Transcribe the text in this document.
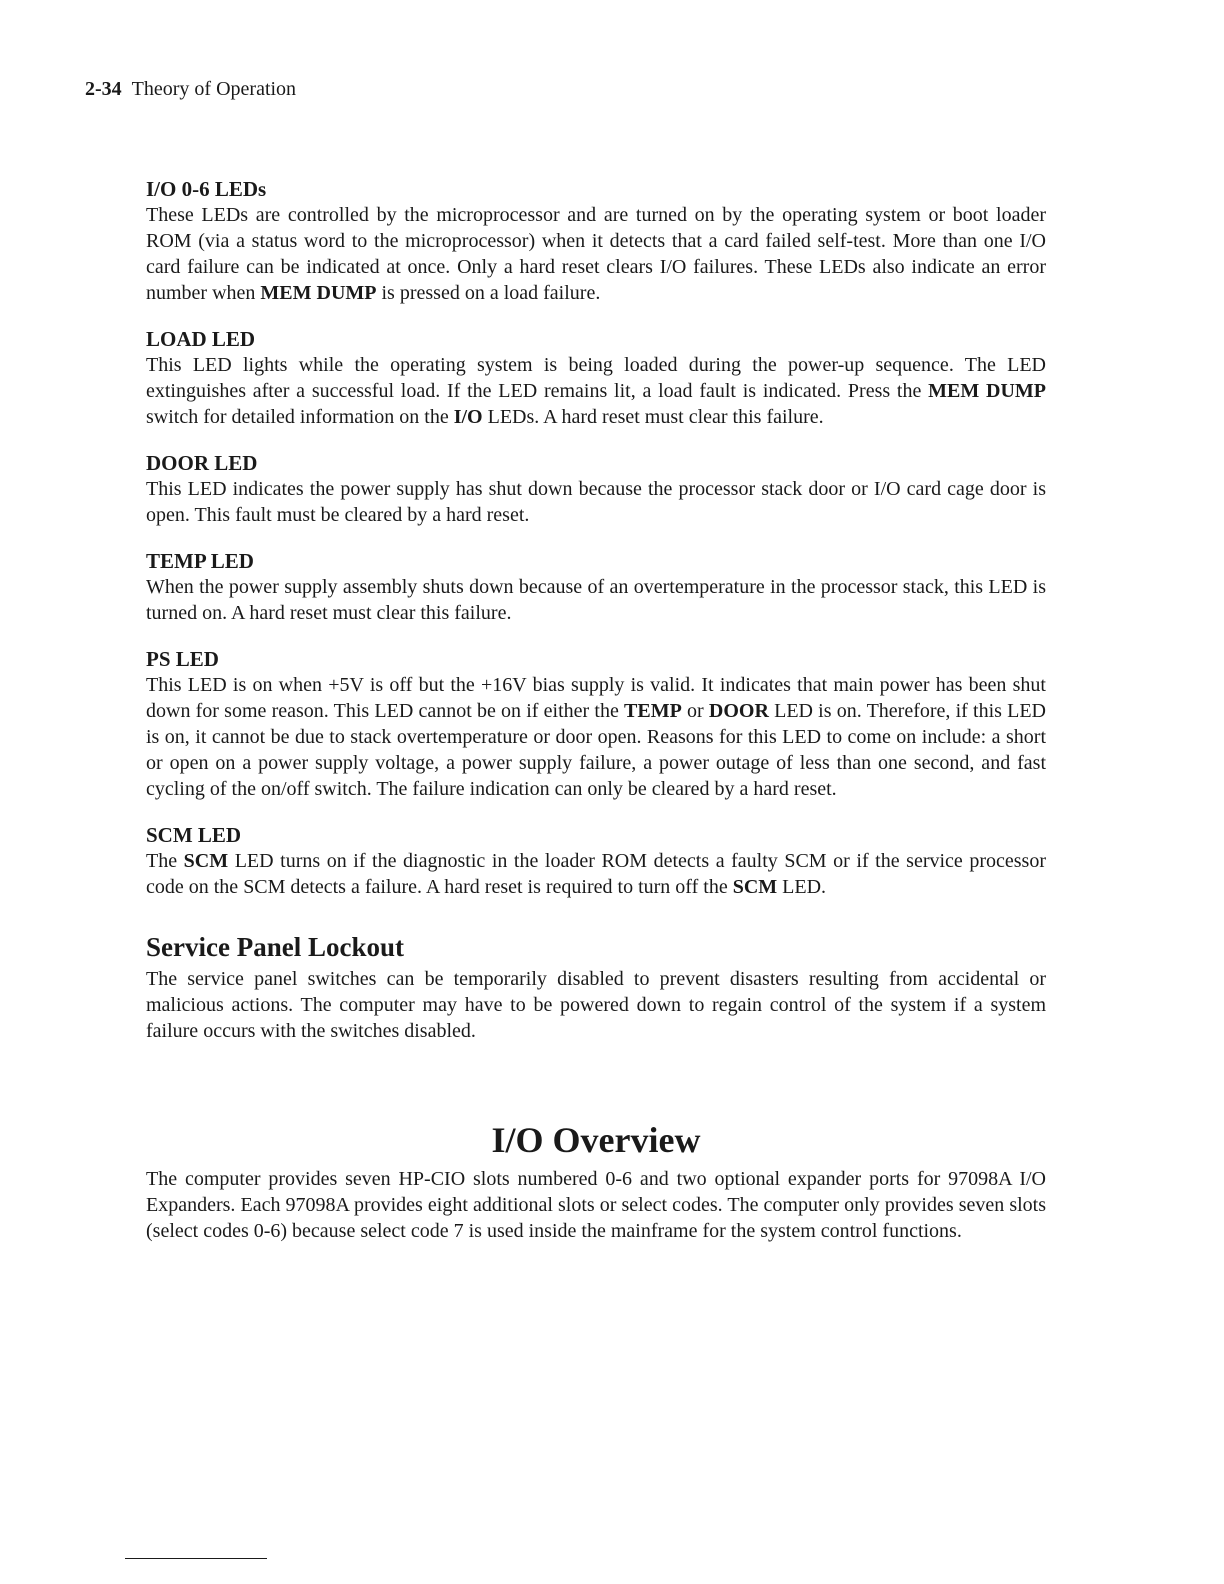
2-34 Theory of Operation
I/O 0-6 LEDs

These LEDs are controlled by the microprocessor and are turned on by the operating system or boot loader ROM (via a status word to the microprocessor) when it detects that a card failed self-test. More than one I/O card failure can be indicated at once. Only a hard reset clears I/O failures. These LEDs also indicate an error number when MEM DUMP is pressed on a load failure.

LOAD LED

This LED lights while the operating system is being loaded during the power-up sequence. The LED extinguishes after a successful load. If the LED remains lit, a load fault is indicated. Press the MEM DUMP switch for detailed information on the I/O LEDs. A hard reset must clear this failure.

DOOR LED

This LED indicates the power supply has shut down because the processor stack door or I/O card cage door is open. This fault must be cleared by a hard reset.

TEMP LED

When the power supply assembly shuts down because of an overtemperature in the processor stack, this LED is turned on. A hard reset must clear this failure.

PS LED

This LED is on when +5V is off but the +16V bias supply is valid. It indicates that main power has been shut down for some reason. This LED cannot be on if either the TEMP or DOOR LED is on. Therefore, if this LED is on, it cannot be due to stack overtemperature or door open. Reasons for this LED to come on include: a short or open on a power supply voltage, a power supply failure, a power outage of less than one second, and fast cycling of the on/off switch. The failure indication can only be cleared by a hard reset.

SCM LED

The SCM LED turns on if the diagnostic in the loader ROM detects a faulty SCM or if the service processor code on the SCM detects a failure. A hard reset is required to turn off the SCM LED.

Service Panel Lockout

The service panel switches can be temporarily disabled to prevent disasters resulting from accidental or malicious actions. The computer may have to be powered down to regain control of the system if a system failure occurs with the switches disabled.

I/O Overview

The computer provides seven HP-CIO slots numbered 0-6 and two optional expander ports for 97098A I/O Expanders. Each 97098A provides eight additional slots or select codes. The computer only provides seven slots (select codes 0-6) because select code 7 is used inside the mainframe for the system control functions.
